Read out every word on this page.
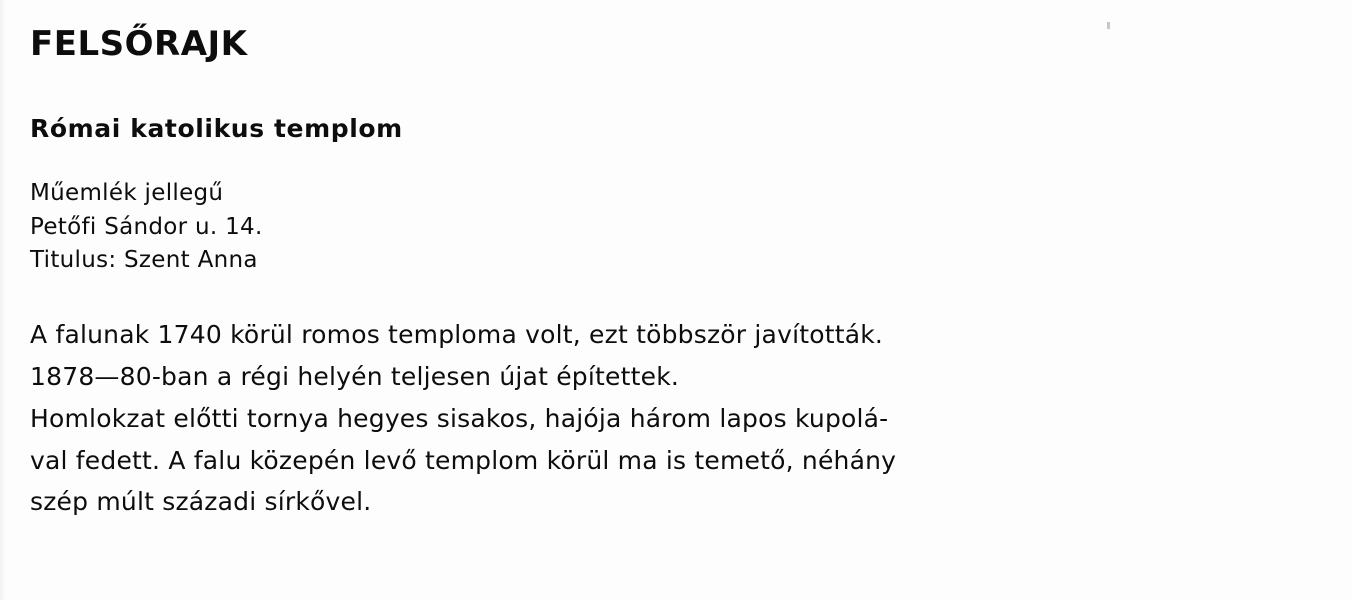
FELSŐRAJK
Római katolikus templom
Műemlék jellegű
Petőfi Sándor u. 14.
Titulus: Szent Anna

A falunak 1740 körül romos temploma volt, ezt többször javították.

1878—80-ban a régi helyén teljesen újat építettek.

Homlokzat előtti tornya hegyes sisakos, hajója három lapos kupolá-

val fedett. A falu közepén levő templom körül ma is temető, néhány

szép múlt századi sírkővel.
